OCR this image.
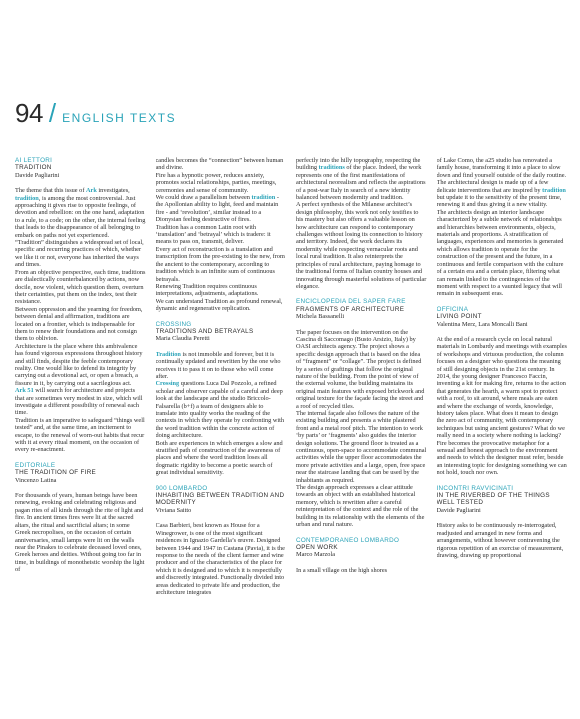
94 / ENGLISH TEXTS
AI LETTORI
TRADITION
Davide Pagliarini

The theme that this issue of Ark investigates, tradition, is among the most controversial. Just approaching it gives rise to opposite feelings, of devotion and rebellion: on the one hand, adaptation to a rule, to a code; on the other, the internal feeling that leads to the disappearance of all belonging to embark on paths not yet experienced.

“Tradition” distinguishes a widespread set of local, specific and recurring practices of which, whether we like it or not, everyone has inherited the ways and times.

From an objective perspective, each time, traditions are dialectically counterbalanced by actions, now docile, now violent, which question them, overturn their certainties, put them on the index, test their resistance.

Between oppression and the yearning for freedom, between denial and affirmation, traditions are located on a frontier, which is indispensable for them to renew their foundations and not consign them to oblivion.

Architecture is the place where this ambivalence has found vigorous expressions throughout history and still finds, despite the feeble contemporary reality. One would like to defend its integrity by carrying out a devotional act, or open a breach, a fissure in it, by carrying out a sacrilegious act.

Ark 51 will search for architecture and projects that are sometimes very modest in size, which will investigate a different possibility of renewal each time.

Tradition is an imperative to safeguard “things well tested” and, at the same time, an incitement to escape, to the renewal of worn-out habits that recur with it at every ritual moment, on the occasion of every re-enactment.

EDITORIALE
THE TRADITION OF FIRE
Vincenzo Latina

For thousands of years, human beings have been renewing, evoking and celebrating religious and pagan rites of all kinds through the rite of light and fire. In ancient times fires were lit at the sacred altars, the ritual and sacrificial altars; in some Greek necropolises, on the occasion of certain anniversaries, small lamps were lit on the walls near the Pinakes to celebrate deceased loved ones, Greek heroes and deities. Without going too far in time, in buildings of monotheistic worship the light of

candles becomes the “connection” between human and divine.

Fire has a hypnotic power, reduces anxiety, promotes social relationships, parties, meetings, ceremonies and sense of community.

We could draw a parallelism between tradition - the Apollonian ability to light, feed and maintain fire - and ‘revolution’, similar instead to a Dionysian feeling destructive of fires.

Tradition has a common Latin root with ‘translation’ and ‘betrayal’ which is tradere: it means to pass on, transmit, deliver.

Every act of reconstruction is a translation and transcription from the pre-existing to the new, from the ancient to the contemporary, according to tradition which is an infinite sum of continuous betrayals.

Renewing Tradition requires continuous interpretations, adjustments, adaptations.

We can understand Tradition as profound renewal, dynamic and regenerative replication.

CROSSING
TRADITIONS AND BETRAYALS
Maria Claudia Peretti

Tradition is not immobile and forever, but it is continually updated and rewritten by the one who receives it to pass it on to those who will come after.

Crossing questions Luca Dal Pozzolo, a refined scholar and observer capable of a careful and deep look at the landscape and the studio Briccolo-Falsarella (b+f) a team of designers able to translate into quality works the reading of the contexts in which they operate by confronting with the word tradition within the concrete action of doing architecture.

Both are experiences in which emerges a slow and stratified path of construction of the awareness of places and where the word tradition loses all dogmatic rigidity to become a poetic search of great individual sensitivity.

900 LOMBARDO
INHABITING BETWEEN TRADITION AND MODERNITY
Viviana Saitto

Casa Barbieri, best known as House for a Winegrower, is one of the most significant residences in Ignazio Gardella’s œuvre. Designed between 1944 and 1947 in Castana (Pavia), it is the response to the needs of the client farmer and wine producer and of the characteristics of the place for which it is designed and to which it is respectfully and discreetly integrated. Functionally divided into areas dedicated to private life and production, the architecture integrates

perfectly into the hilly topography, respecting the building traditions of the place. Indeed, the work represents one of the first manifestations of architectural neorealism and reflects the aspirations of a post-war Italy in search of a new identity balanced between modernity and tradition.

A perfect synthesis of the Milanese architect’s design philosophy, this work not only testifies to his mastery but also offers a valuable lesson on how architecture can respond to contemporary challenges without losing its connection to history and territory. Indeed, the work declares its modernity while respecting vernacular roots and local rural tradition. It also reinterprets the principles of rural architecture, paying homage to the traditional forms of Italian country houses and innovating through masterful solutions of particular elegance.

ENCICLOPEDIA DEL SAPER FARE
FRAGMENTS OF ARCHITECTURE
Michela Bassanelli

The paper focuses on the intervention on the Cascina di Saccomago (Busto Arsizio, Italy) by OASI architects agency. The project shows a specific design approach that is based on the idea of “fragment” or “collage”. The project is defined by a series of graftings that follow the original nature of the building. From the point of view of the external volume, the building maintains its original main features with exposed brickwork and original texture for the façade facing the street and a roof of recycled tiles.

The internal façade also follows the nature of the existing building and presents a white plastered front and a metal roof pitch. The intention to work ‘by parts’ or ‘fragments’ also guides the interior design solutions. The ground floor is treated as a continuous, open-space to accommodate communal activities while the upper floor accommodates the more private activities and a large, open, free space near the staircase landing that can be used by the inhabitants as required.

The design approach expresses a clear attitude towards an object with an established historical memory, which is rewritten after a careful reinterpretation of the context and the role of the building in its relationship with the elements of the urban and rural nature.

CONTEMPORANEO LOMBARDO
OPEN WORK
Marco Marzola

In a small village on the high shores

of Lake Como, the a25 studio has renovated a family house, transforming it into a place to slow down and find yourself outside of the daily routine.

The architectural design is made up of a few delicate interventions that are inspired by tradition but update it to the sensitivity of the present time, renewing it and thus giving it a new vitality.

The architects design an interior landscape characterized by a subtle network of relationships and hierarchies between environments, objects, materials and proportions. A stratification of languages, experiences and memories is generated which allows tradition to operate for the construction of the present and the future, in a continuous and fertile comparison with the culture of a certain era and a certain place, filtering what can remain linked to the contingencies of the moment with respect to a vaunted legacy that will remain in subsequent eras.

OFFICINA
LIVING POINT
Valentina Merz, Lara Moncalli Bani

At the end of a research cycle on local natural materials in Lombardy and meetings with examples of workshops and virtuous production, the column focuses on a designer who questions the meaning of still designing objects in the 21st century. In 2014, the young designer Francesco Faccin, inventing a kit for making fire, returns to the action that generates the hearth, a warm spot to protect with a roof, to sit around, where meals are eaten and where the exchange of words, knowledge, history takes place. What does it mean to design the zero act of community, with contemporary techniques but using ancient gestures? What do we really need in a society where nothing is lacking? Fire becomes the provocative metaphor for a sensual and honest approach to the environment and needs to which the designer must refer, beside an interesting topic for designing something we can not hold, touch nor own.

INCONTRI RAVVICINATI
IN THE RIVERBED OF THE THINGS WELL TESTED
Davide Pagliarini

History asks to be continuously re-interrogated, readjusted and arranged in new forms and arrangements, without however contravening the rigorous repetition of an exercise of measurement, drawing, drawing up proportional
